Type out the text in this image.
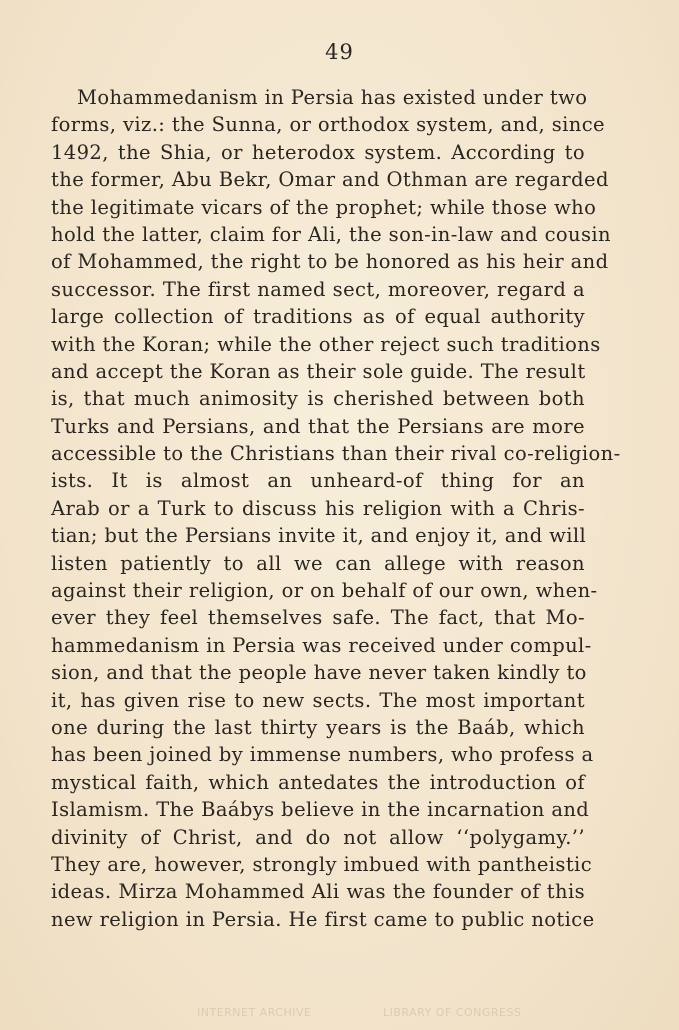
49
Mohammedanism in Persia has existed under two
forms, viz.: the Sunna, or orthodox system, and, since
1492, the Shia, or heterodox system. According to
the former, Abu Bekr, Omar and Othman are regarded
the legitimate vicars of the prophet; while those who
hold the latter, claim for Ali, the son-in-law and cousin
of Mohammed, the right to be honored as his heir and
successor. The first named sect, moreover, regard a
large collection of traditions as of equal authority
with the Koran; while the other reject such traditions
and accept the Koran as their sole guide. The result
is, that much animosity is cherished between both
Turks and Persians, and that the Persians are more
accessible to the Christians than their rival co-religion-
ists. It is almost an unheard-of thing for an
Arab or a Turk to discuss his religion with a Chris-
tian; but the Persians invite it, and enjoy it, and will
listen patiently to all we can allege with reason
against their religion, or on behalf of our own, when-
ever they feel themselves safe. The fact, that Mo-
hammedanism in Persia was received under compul-
sion, and that the people have never taken kindly to
it, has given rise to new sects. The most important
one during the last thirty years is the Baáb, which
has been joined by immense numbers, who profess a
mystical faith, which antedates the introduction of
Islamism. The Baábys believe in the incarnation and
divinity of Christ, and do not allow ‘‘polygamy.’’
They are, however, strongly imbued with pantheistic
ideas. Mirza Mohammed Ali was the founder of this
new religion in Persia. He first came to public notice
INTERNET ARCHIVE	LIBRARY OF CONGRESS
